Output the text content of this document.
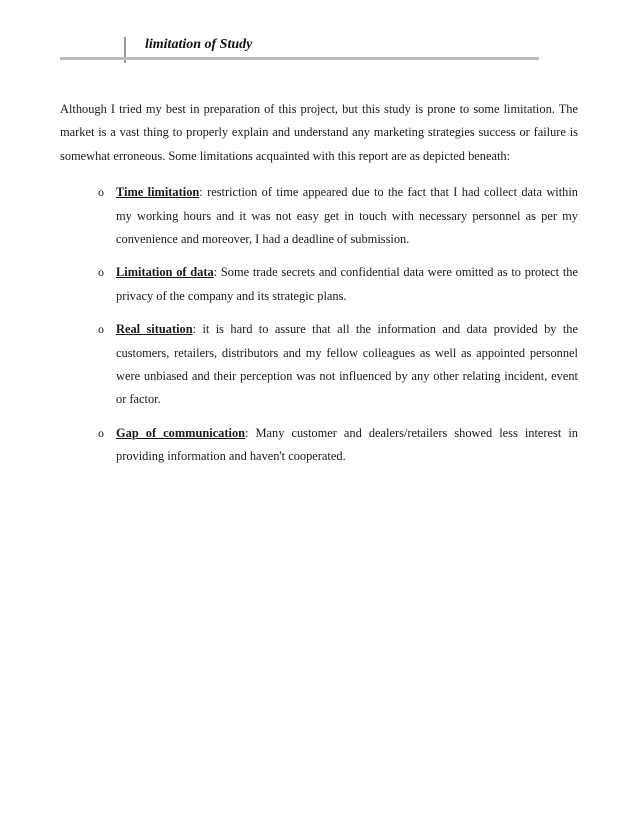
limitation of Study

Although I tried my best in preparation of this project, but this study is prone to some limitation. The market is a vast thing to properly explain and understand any marketing strategies success or failure is somewhat erroneous. Some limitations acquainted with this report are as depicted beneath:

o Time limitation: restriction of time appeared due to the fact that I had collect data within my working hours and it was not easy get in touch with necessary personnel as per my convenience and moreover, I had a deadline of submission.
o Limitation of data: Some trade secrets and confidential data were omitted as to protect the privacy of the company and its strategic plans.
o Real situation: it is hard to assure that all the information and data provided by the customers, retailers, distributors and my fellow colleagues as well as appointed personnel were unbiased and their perception was not influenced by any other relating incident, event or factor.
o Gap of communication: Many customer and dealers/retailers showed less interest in providing information and haven't cooperated.
